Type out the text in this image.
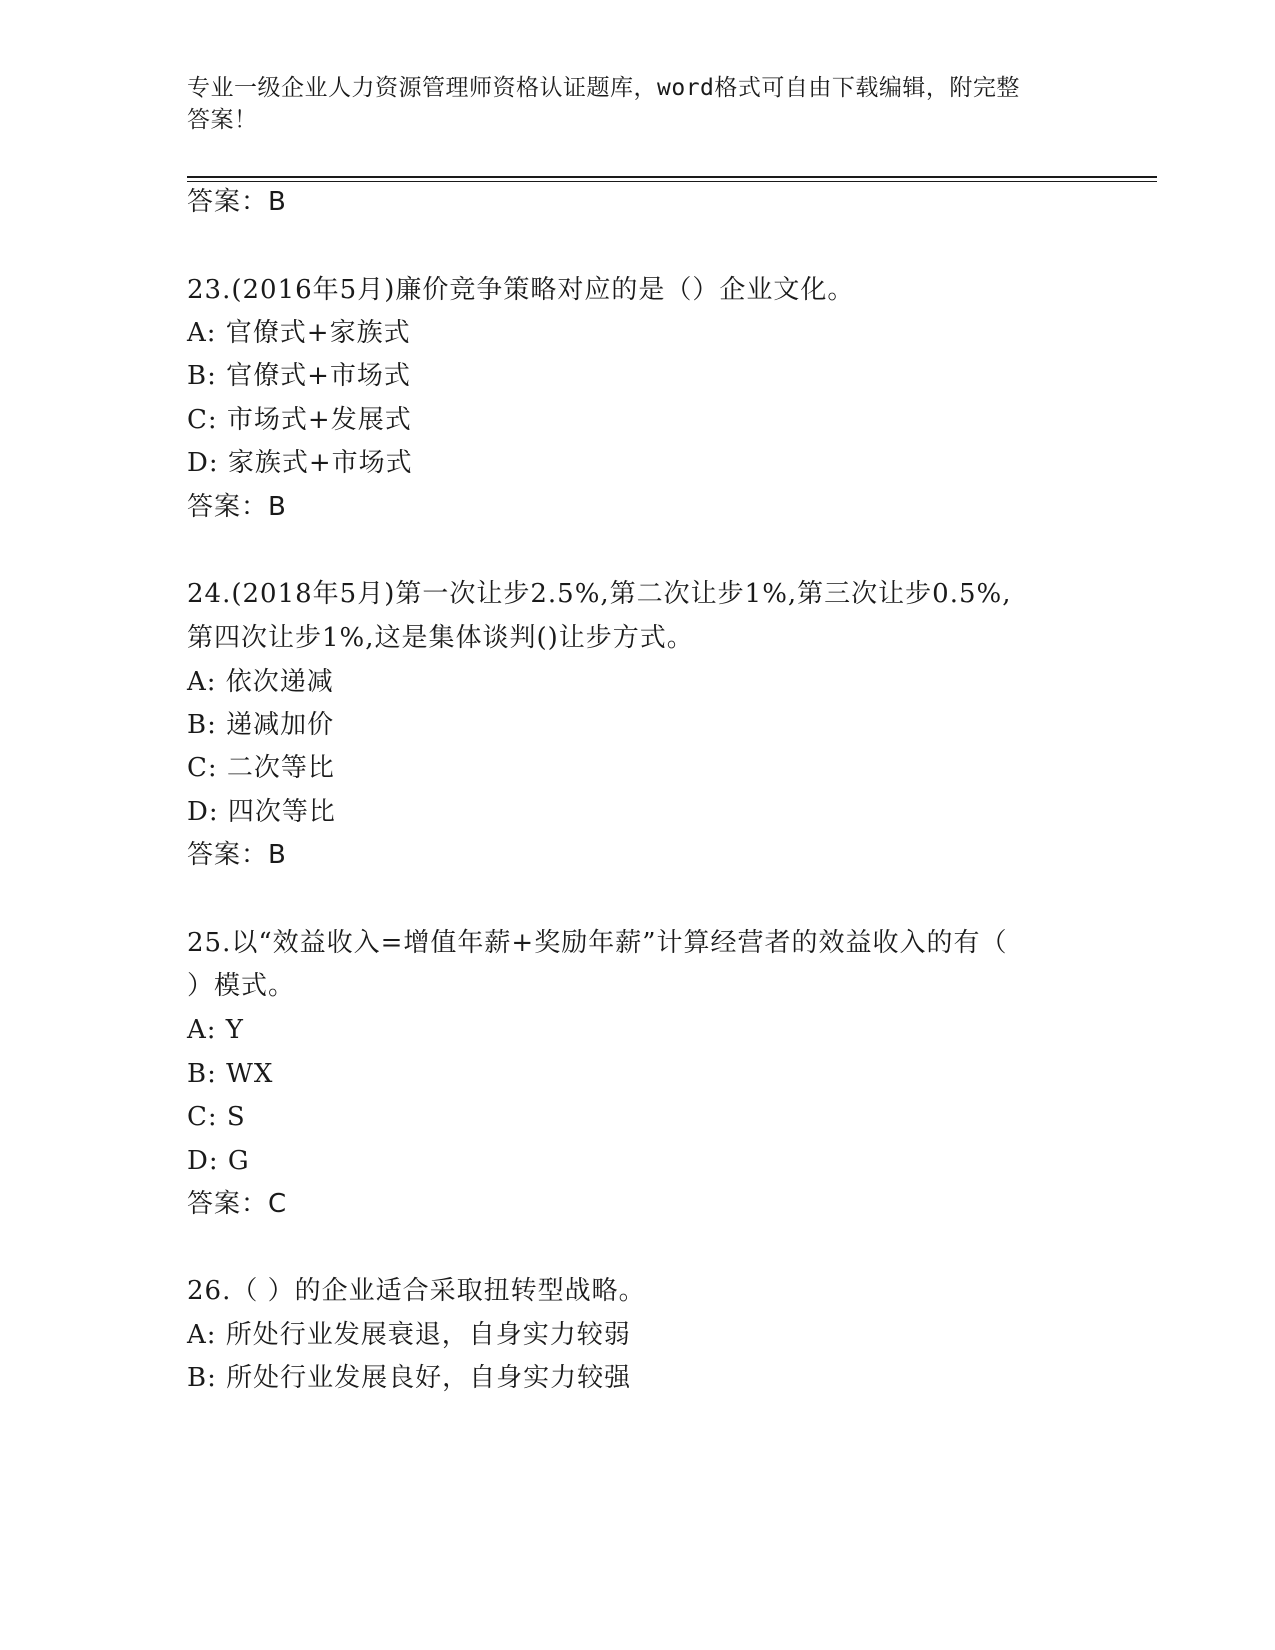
专业一级企业人力资源管理师资格认证题库，word格式可自由下载编辑，附完整
答案！
答案：B
23.(2016年5月)廉价竞争策略对应的是（）企业文化。
A: 官僚式+家族式
B: 官僚式+市场式
C: 市场式+发展式
D: 家族式+市场式
答案：B
24.(2018年5月)第一次让步2.5%,第二次让步1%,第三次让步0.5%,
第四次让步1%,这是集体谈判()让步方式。
A: 依次递减
B: 递减加价
C: 二次等比
D: 四次等比
答案：B
25.以“效益收入=增值年薪+奖励年薪”计算经营者的效益收入的有（
）模式。
A: Y
B: WX
C: S
D: G
答案：C
26.（ ）的企业适合采取扭转型战略。
A: 所处行业发展衰退，自身实力较弱
B: 所处行业发展良好，自身实力较强
